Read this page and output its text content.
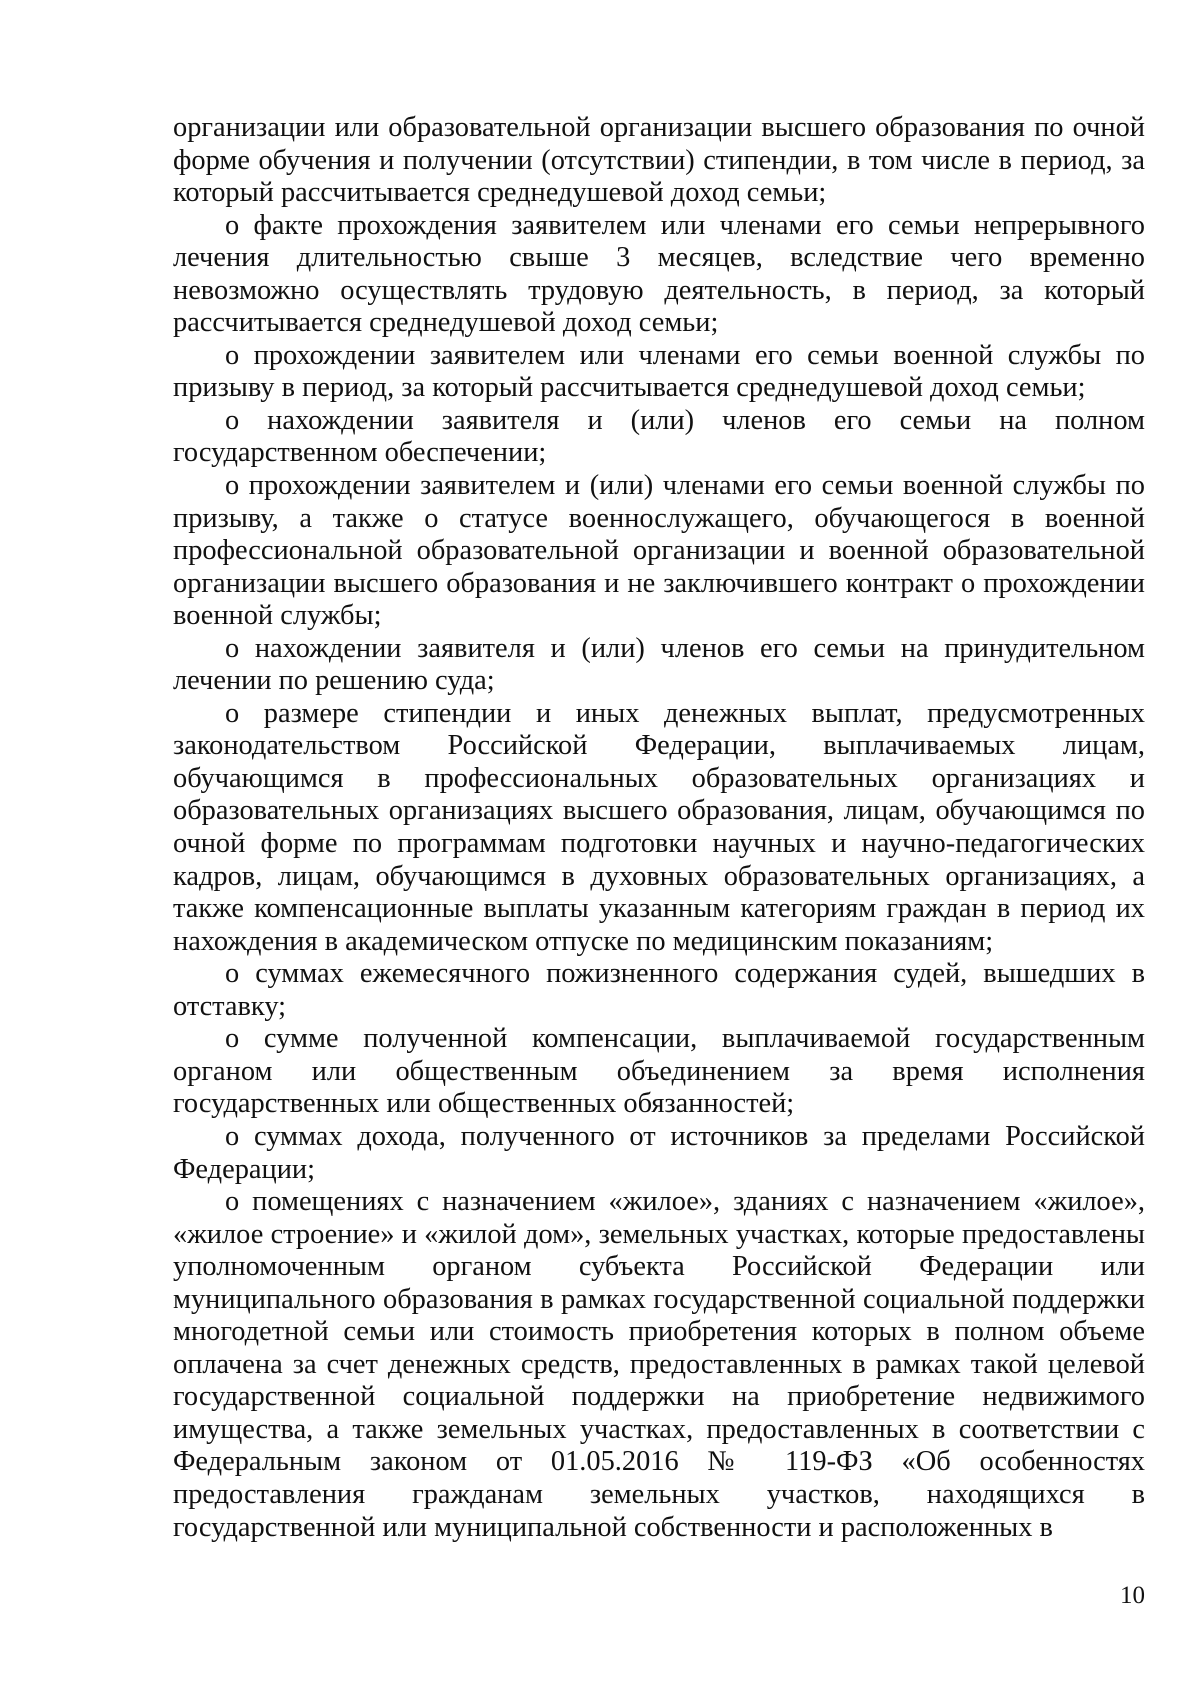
организации или образовательной организации высшего образования по очной форме обучения и получении (отсутствии) стипендии, в том числе в период, за который рассчитывается среднедушевой доход семьи;

о факте прохождения заявителем или членами его семьи непрерывного лечения длительностью свыше 3 месяцев, вследствие чего временно невозможно осуществлять трудовую деятельность, в период, за который рассчитывается среднедушевой доход семьи;

о прохождении заявителем или членами его семьи военной службы по призыву в период, за который рассчитывается среднедушевой доход семьи;

о нахождении заявителя и (или) членов его семьи на полном государственном обеспечении;

о прохождении заявителем и (или) членами его семьи военной службы по призыву, а также о статусе военнослужащего, обучающегося в военной профессиональной образовательной организации и военной образовательной организации высшего образования и не заключившего контракт о прохождении военной службы;

о нахождении заявителя и (или) членов его семьи на принудительном лечении по решению суда;

о размере стипендии и иных денежных выплат, предусмотренных законодательством Российской Федерации, выплачиваемых лицам, обучающимся в профессиональных образовательных организациях и образовательных организациях высшего образования, лицам, обучающимся по очной форме по программам подготовки научных и научно-педагогических кадров, лицам, обучающимся в духовных образовательных организациях, а также компенсационные выплаты указанным категориям граждан в период их нахождения в академическом отпуске по медицинским показаниям;

о суммах ежемесячного пожизненного содержания судей, вышедших в отставку;

о сумме полученной компенсации, выплачиваемой государственным органом или общественным объединением за время исполнения государственных или общественных обязанностей;

о суммах дохода, полученного от источников за пределами Российской Федерации;

о помещениях с назначением «жилое», зданиях с назначением «жилое», «жилое строение» и «жилой дом», земельных участках, которые предоставлены уполномоченным органом субъекта Российской Федерации или муниципального образования в рамках государственной социальной поддержки многодетной семьи или стоимость приобретения которых в полном объеме оплачена за счет денежных средств, предоставленных в рамках такой целевой государственной социальной поддержки на приобретение недвижимого имущества, а также земельных участках, предоставленных в соответствии с Федеральным законом от 01.05.2016 № 119-ФЗ «Об особенностях предоставления гражданам земельных участков, находящихся в государственной или муниципальной собственности и расположенных в

10
